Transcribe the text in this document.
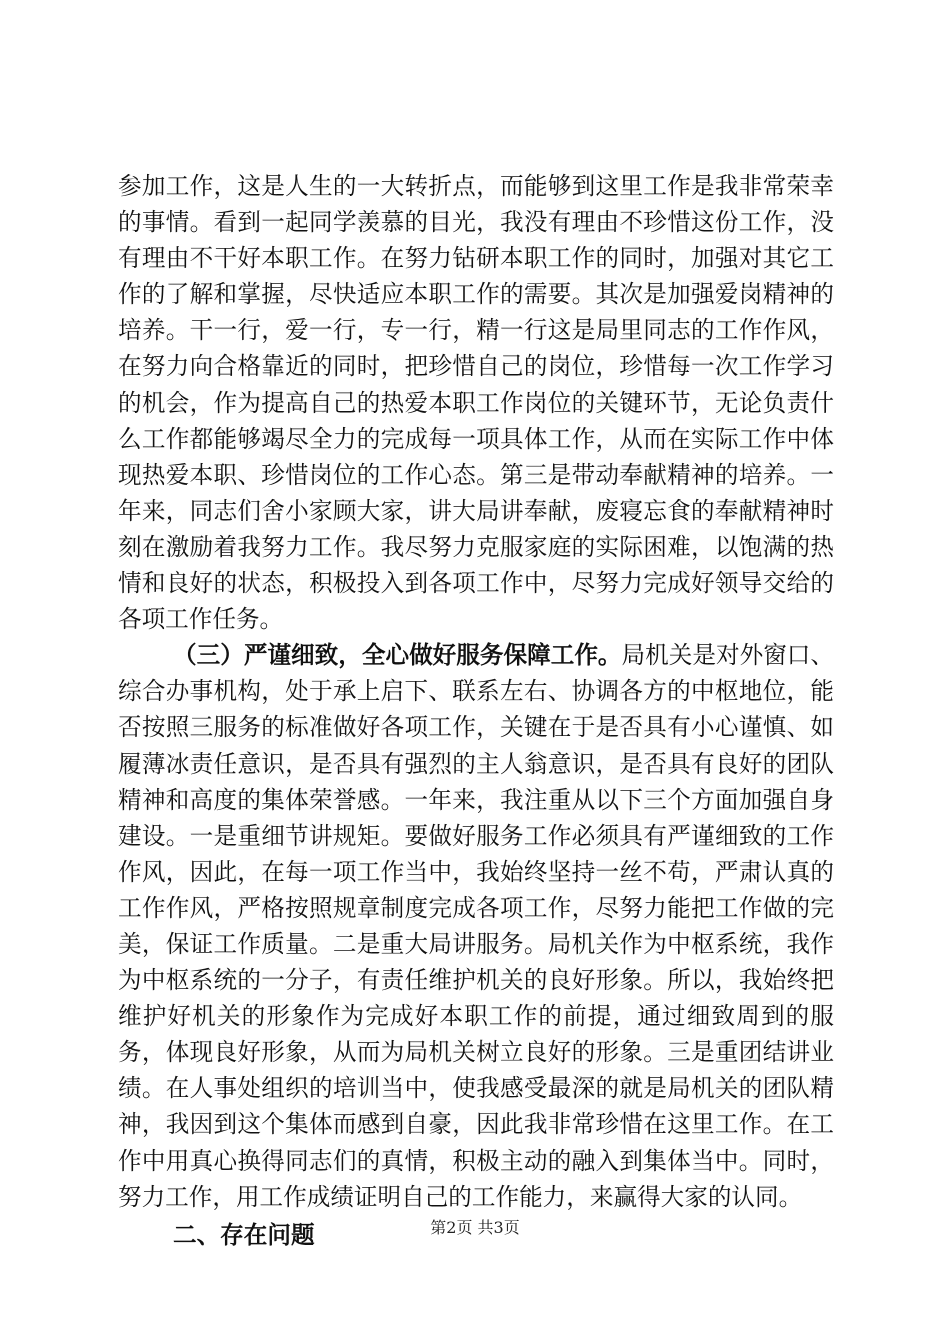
参加工作，这是人生的一大转折点，而能够到这里工作是我非常荣幸的事情。看到一起同学羡慕的目光，我没有理由不珍惜这份工作，没有理由不干好本职工作。在努力钻研本职工作的同时，加强对其它工作的了解和掌握，尽快适应本职工作的需要。其次是加强爱岗精神的培养。干一行，爱一行，专一行，精一行这是局里同志的工作作风，在努力向合格靠近的同时，把珍惜自己的岗位，珍惜每一次工作学习的机会，作为提高自己的热爱本职工作岗位的关键环节，无论负责什么工作都能够竭尽全力的完成每一项具体工作，从而在实际工作中体现热爱本职、珍惜岗位的工作心态。第三是带动奉献精神的培养。一年来，同志们舍小家顾大家，讲大局讲奉献，废寝忘食的奉献精神时刻在激励着我努力工作。我尽努力克服家庭的实际困难，以饱满的热情和良好的状态，积极投入到各项工作中，尽努力完成好领导交给的各项工作任务。

（三）严谨细致，全心做好服务保障工作。局机关是对外窗口、综合办事机构，处于承上启下、联系左右、协调各方的中枢地位，能否按照三服务的标准做好各项工作，关键在于是否具有小心谨慎、如履薄冰责任意识，是否具有强烈的主人翁意识，是否具有良好的团队精神和高度的集体荣誉感。一年来，我注重从以下三个方面加强自身建设。一是重细节讲规矩。要做好服务工作必须具有严谨细致的工作作风，因此，在每一项工作当中，我始终坚持一丝不苟，严肃认真的工作作风，严格按照规章制度完成各项工作，尽努力能把工作做的完美，保证工作质量。二是重大局讲服务。局机关作为中枢系统，我作为中枢系统的一分子，有责任维护机关的良好形象。所以，我始终把维护好机关的形象作为完成好本职工作的前提，通过细致周到的服务，体现良好形象，从而为局机关树立良好的形象。三是重团结讲业绩。在人事处组织的培训当中，使我感受最深的就是局机关的团队精神，我因到这个集体而感到自豪，因此我非常珍惜在这里工作。在工作中用真心换得同志们的真情，积极主动的融入到集体当中。同时，努力工作，用工作成绩证明自己的工作能力，来赢得大家的认同。

二、存在问题	第2页 共3页
